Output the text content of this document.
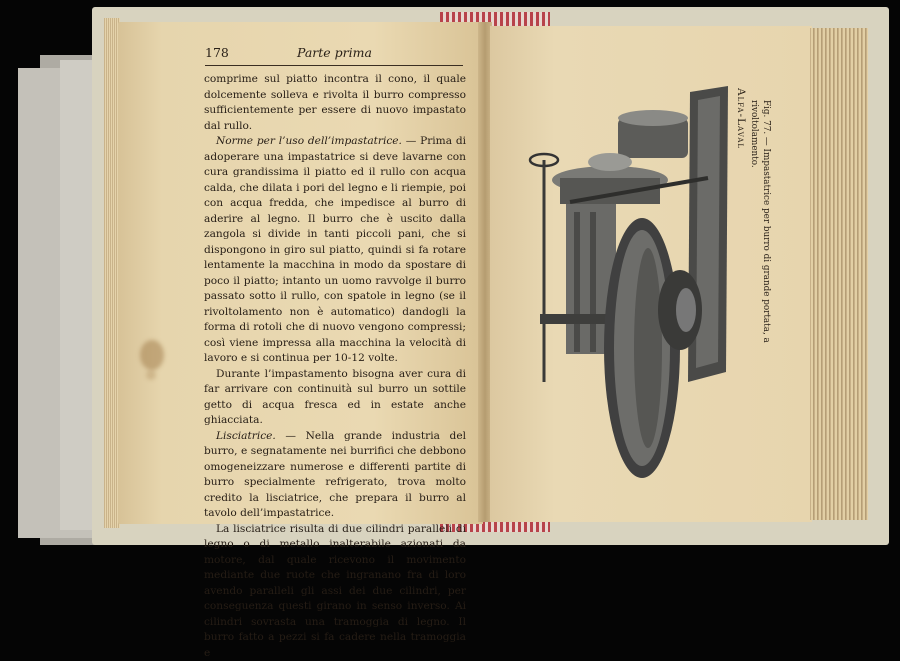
178	Parte prima

comprime sul piatto incontra il cono, il quale dolcemente solleva e rivolta il burro compresso sufficientemente per essere di nuovo impastato dal rullo.

Norme per l’uso dell’impastatrice. — Prima di adoperare una impastatrice si deve lavarne con cura grandissima il piatto ed il rullo con acqua calda, che dilata i pori del legno e li riempie, poi con acqua fredda, che impedisce al burro di aderire al legno. Il burro che è uscito dalla zangola si divide in tanti piccoli pani, che si dispongono in giro sul piatto, quindi si fa rotare lentamente la macchina in modo da spostare di poco il piatto; intanto un uomo ravvolge il burro passato sotto il rullo, con spatole in legno (se il rivoltolamento non è automatico) dandogli la forma di rotoli che di nuovo vengono compressi; così viene impressa alla macchina la velocità di lavoro e si continua per 10-12 volte.

Durante l’impastamento bisogna aver cura di far arrivare con continuità sul burro un sottile getto di acqua fresca ed in estate anche ghiacciata.

Lisciatrice. — Nella grande industria del burro, e segnatamente nei burrifici che debbono omogeneizzare numerose e differenti partite di burro specialmente refrigerato, trova molto credito la lisciatrice, che prepara il burro al tavolo dell’impastatrice.

La lisciatrice risulta di due cilindri paralleli di legno o di metallo inalterabile azionati da motore, dal quale ricevono il movimento mediante due ruote che ingranano fra di loro avendo paralleli gli assi dei due cilindri, per conseguenza questi girano in senso inverso. Ai cilindri sovrasta una tramoggia di legno. Il burro fatto a pezzi si fa cadere nella tramoggia e

Alfa-Laval	Fig. 77. — Impastatrice per burro di grande portata, a rivoltolamento.
